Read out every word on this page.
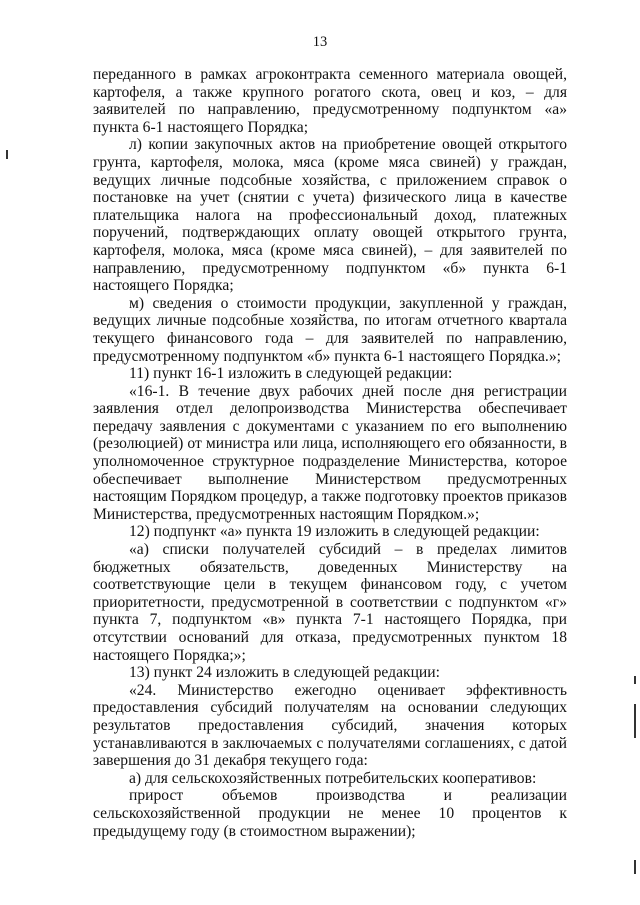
13

переданного в рамках агроконтракта семенного материала овощей, картофеля, а также крупного рогатого скота, овец и коз, – для заявителей по направлению, предусмотренному подпунктом «а» пункта 6-1 настоящего Порядка;

л) копии закупочных актов на приобретение овощей открытого грунта, картофеля, молока, мяса (кроме мяса свиней) у граждан, ведущих личные подсобные хозяйства, с приложением справок о постановке на учет (снятии с учета) физического лица в качестве плательщика налога на профессиональный доход, платежных поручений, подтверждающих оплату овощей открытого грунта, картофеля, молока, мяса (кроме мяса свиней), – для заявителей по направлению, предусмотренному подпунктом «б» пункта 6-1 настоящего Порядка;

м) сведения о стоимости продукции, закупленной у граждан, ведущих личные подсобные хозяйства, по итогам отчетного квартала текущего финансового года – для заявителей по направлению, предусмотренному подпунктом «б» пункта 6-1 настоящего Порядка.»;

11) пункт 16-1 изложить в следующей редакции:

«16-1. В течение двух рабочих дней после дня регистрации заявления отдел делопроизводства Министерства обеспечивает передачу заявления с документами с указанием по его выполнению (резолюцией) от министра или лица, исполняющего его обязанности, в уполномоченное структурное подразделение Министерства, которое обеспечивает выполнение Министерством предусмотренных настоящим Порядком процедур, а также подготовку проектов приказов Министерства, предусмотренных настоящим Порядком.»;

12) подпункт «а» пункта 19 изложить в следующей редакции:

«а) списки получателей субсидий – в пределах лимитов бюджетных обязательств, доведенных Министерству на соответствующие цели в текущем финансовом году, с учетом приоритетности, предусмотренной в соответствии с подпунктом «г» пункта 7, подпунктом «в» пункта 7-1 настоящего Порядка, при отсутствии оснований для отказа, предусмотренных пунктом 18 настоящего Порядка;»;

13) пункт 24 изложить в следующей редакции:

«24. Министерство ежегодно оценивает эффективность предоставления субсидий получателям на основании следующих результатов предоставления субсидий, значения которых устанавливаются в заключаемых с получателями соглашениях, с датой завершения до 31 декабря текущего года:

а) для сельскохозяйственных потребительских кооперативов:

прирост объемов производства и реализации сельскохозяйственной продукции не менее 10 процентов к предыдущему году (в стоимостном выражении);
